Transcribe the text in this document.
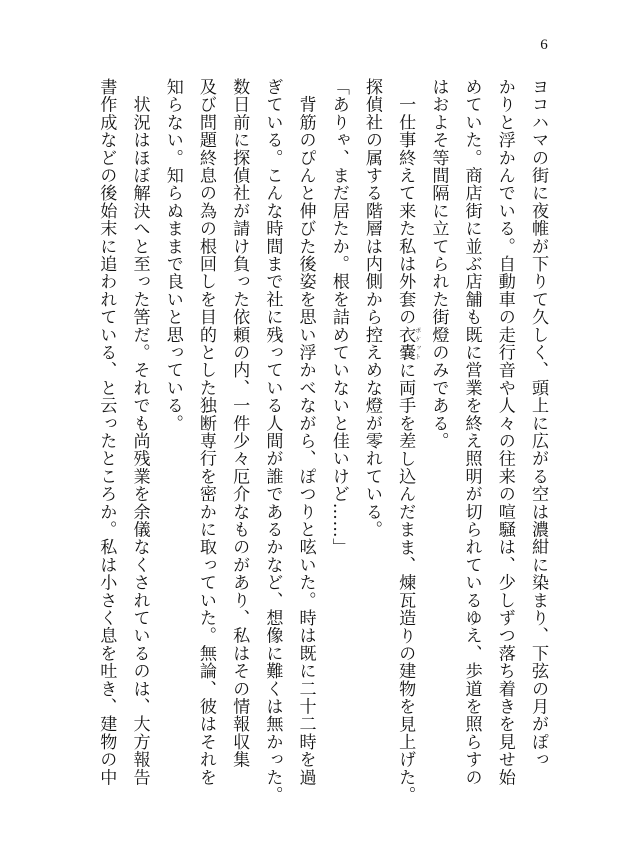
6

ヨコハマの街に夜帷が下りて久しく、頭上に広がる空は濃紺に染まり、下弦の月がぽっ

かりと浮かんでいる。自動車の走行音や人々の往来の喧騒は、少しずつ落ち着きを見せ始

めていた。商店街に並ぶ店舗も既に営業を終え照明が切られているゆえ、歩道を照らすの

はおよそ等間隔に立てられた街燈のみである。

　一仕事終えて来た私は外套の衣嚢ポケットに両手を差し込んだまま、煉瓦造りの建物を見上げた。

探偵社の属する階層は内側から控えめな燈が零れている。

「ありゃ、まだ居たか。根を詰めていないと佳いけど……」

　背筋のぴんと伸びた後姿を思い浮かべながら、ぽつりと呟いた。時は既に二十二時を過

ぎている。こんな時間まで社に残っている人間が誰であるかなど、想像に難くは無かった。

数日前に探偵社が請け負った依頼の内、一件少々厄介なものがあり、私はその情報収集

及び問題終息の為の根回しを目的とした独断専行を密かに取っていた。無論、彼はそれを

知らない。知らぬままで良いと思っている。

　状況はほぼ解決へと至った筈だ。それでも尚残業を余儀なくされているのは、大方報告

書作成などの後始末に追われている、と云ったところか。私は小さく息を吐き、建物の中
